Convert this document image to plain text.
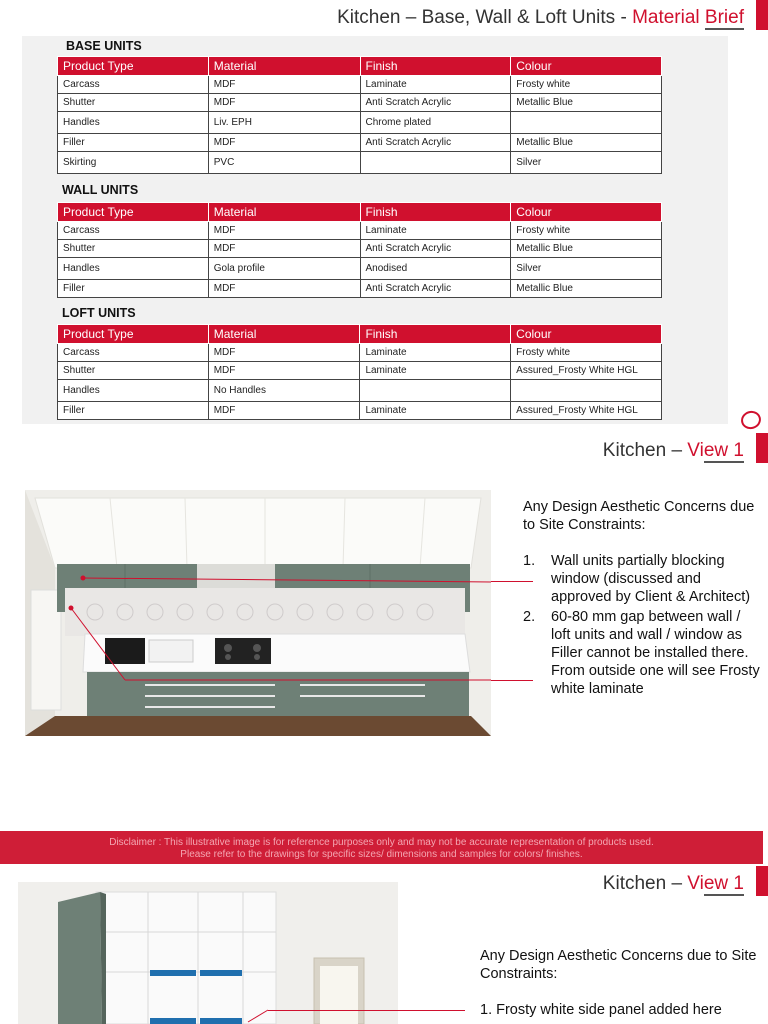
Kitchen – Base, Wall & Loft Units - Material Brief
BASE UNITS
Product Type	Material	Finish	Colour
Carcass	MDF	Laminate	Frosty white
Shutter	MDF	Anti Scratch Acrylic	Metallic Blue
Handles	Liv. EPH	Chrome plated	
Filler	MDF	Anti Scratch Acrylic	Metallic Blue
Skirting	PVC		Silver
WALL UNITS
Product Type	Material	Finish	Colour
Carcass	MDF	Laminate	Frosty white
Shutter	MDF	Anti Scratch Acrylic	Metallic Blue
Handles	Gola profile	Anodised	Silver
Filler	MDF	Anti Scratch Acrylic	Metallic Blue
LOFT UNITS
Product Type	Material	Finish	Colour
Carcass	MDF	Laminate	Frosty white
Shutter	MDF	Laminate	Assured_Frosty White HGL
Handles	No Handles		
Filler	MDF	Laminate	Assured_Frosty White HGL
Kitchen – View 1
Any Design Aesthetic Concerns due to Site Constraints:
1. Wall units partially blocking window (discussed and approved by Client & Architect)
2. 60-80 mm gap between wall / loft units and wall / window as Filler cannot be installed there. From outside one will see Frosty white laminate
Disclaimer : This illustrative image is for reference purposes only and may not be accurate representation of products used.
Please refer to the drawings for specific sizes/ dimensions and samples for colors/ finishes.
Kitchen – View 1
Any Design Aesthetic Concerns due to Site Constraints:
1. Frosty white side panel added here
